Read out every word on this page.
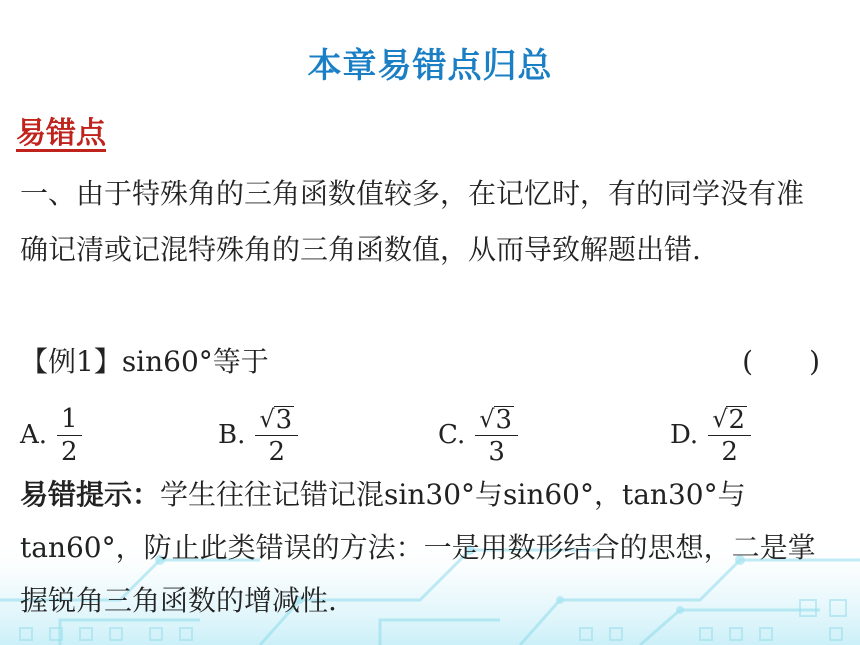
本章易错点归总
易错点
一、由于特殊角的三角函数值较多，在记忆时，有的同学没有准确记清或记混特殊角的三角函数值，从而导致解题出错.
【例1】sin60°等于	(　　)
A. $\frac{1}{2}$	B. $\frac{√ 3}{2}$	C. $\frac{√ 3}{3}$	D. $\frac{√ 2}{2}$
易错提示：学生往往记错记混sin30°与sin60°，tan30°与tan60°，防止此类错误的方法：一是用数形结合的思想，二是掌握锐角三角函数的增减性.
